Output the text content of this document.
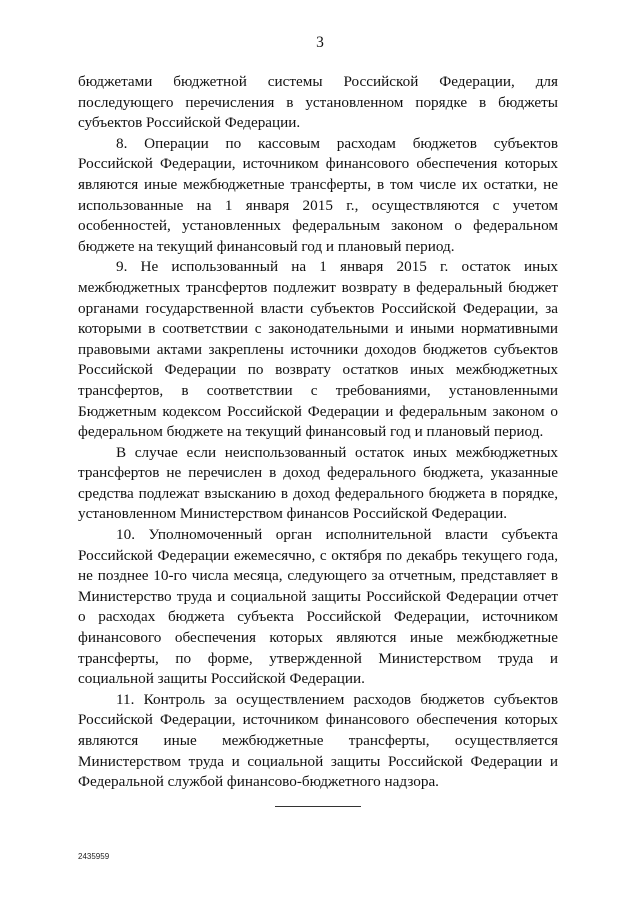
3

бюджетами бюджетной системы Российской Федерации, для последующего перечисления в установленном порядке в бюджеты субъектов Российской Федерации.

8. Операции по кассовым расходам бюджетов субъектов Российской Федерации, источником финансового обеспечения которых являются иные межбюджетные трансферты, в том числе их остатки, не использованные на 1 января 2015 г., осуществляются с учетом особенностей, установленных федеральным законом о федеральном бюджете на текущий финансовый год и плановый период.

9. Не использованный на 1 января 2015 г. остаток иных межбюджетных трансфертов подлежит возврату в федеральный бюджет органами государственной власти субъектов Российской Федерации, за которыми в соответствии с законодательными и иными нормативными правовыми актами закреплены источники доходов бюджетов субъектов Российской Федерации по возврату остатков иных межбюджетных трансфертов, в соответствии с требованиями, установленными Бюджетным кодексом Российской Федерации и федеральным законом о федеральном бюджете на текущий финансовый год и плановый период.

В случае если неиспользованный остаток иных межбюджетных трансфертов не перечислен в доход федерального бюджета, указанные средства подлежат взысканию в доход федерального бюджета в порядке, установленном Министерством финансов Российской Федерации.

10. Уполномоченный орган исполнительной власти субъекта Российской Федерации ежемесячно, с октября по декабрь текущего года, не позднее 10-го числа месяца, следующего за отчетным, представляет в Министерство труда и социальной защиты Российской Федерации отчет о расходах бюджета субъекта Российской Федерации, источником финансового обеспечения которых являются иные межбюджетные трансферты, по форме, утвержденной Министерством труда и социальной защиты Российской Федерации.

11. Контроль за осуществлением расходов бюджетов субъектов Российской Федерации, источником финансового обеспечения которых являются иные межбюджетные трансферты, осуществляется Министерством труда и социальной защиты Российской Федерации и Федеральной службой финансово-бюджетного надзора.

2435959
